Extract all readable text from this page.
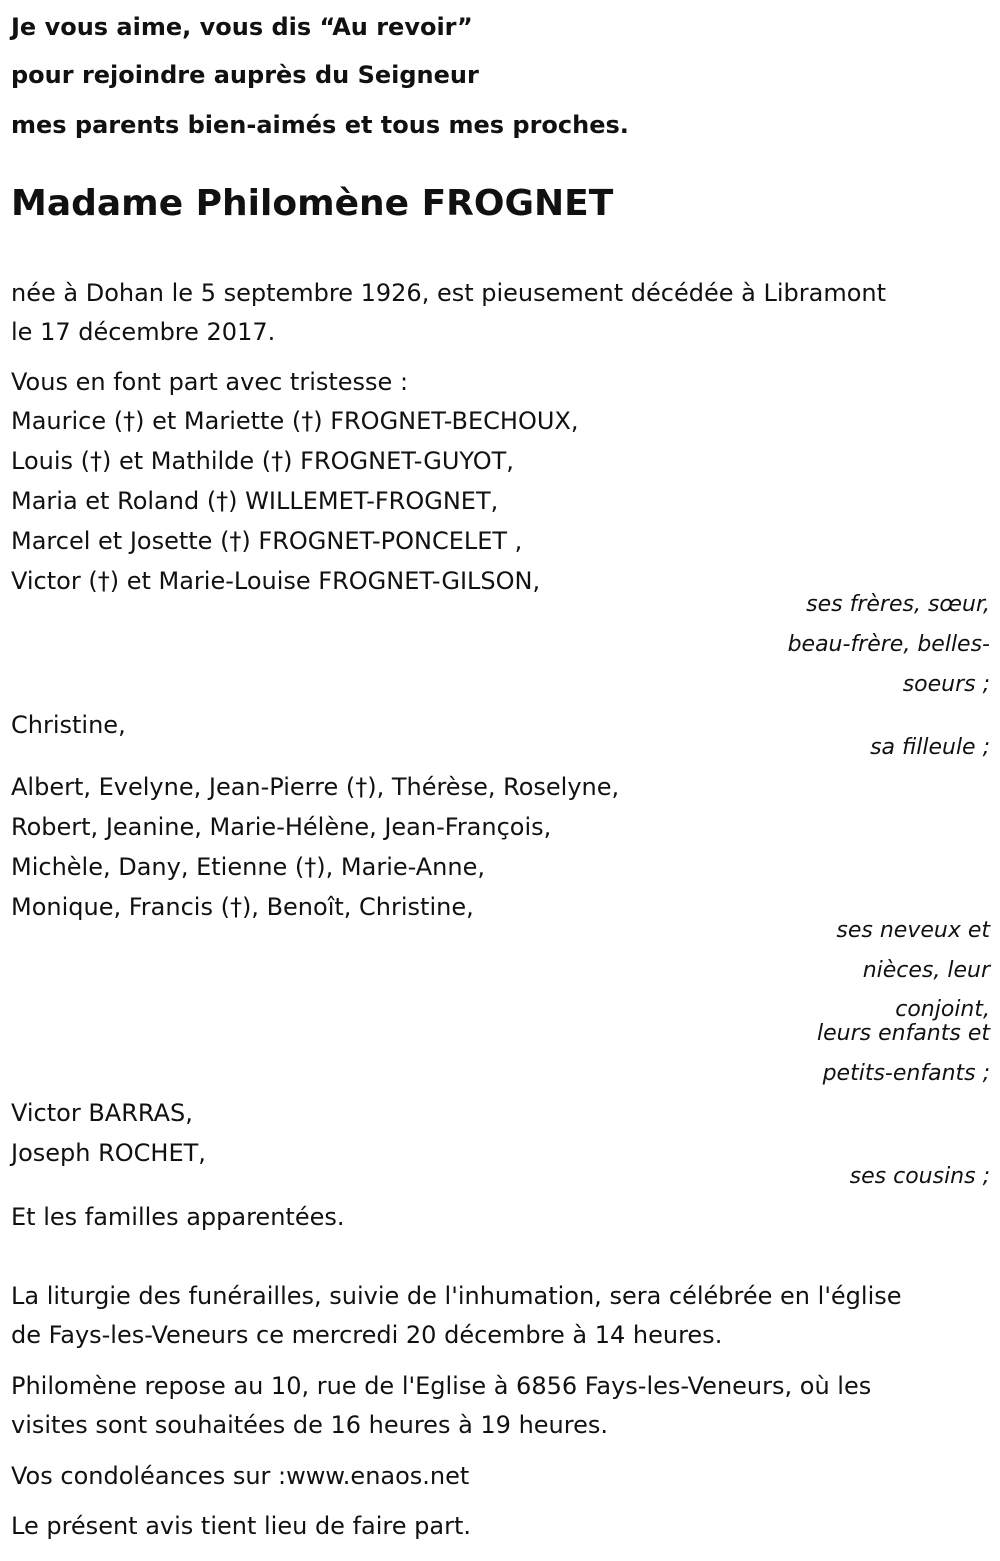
Je vous aime, vous dis “Au revoir”

pour rejoindre auprès du Seigneur

mes parents bien-aimés et tous mes proches.

Madame Philomène FROGNET

née à Dohan le 5 septembre 1926, est pieusement décédée à Libramont

le 17 décembre 2017.

Vous en font part avec tristesse :

Maurice (†) et Mariette (†) FROGNET-BECHOUX,

Louis (†) et Mathilde (†) FROGNET-GUYOT,

Maria et Roland (†) WILLEMET-FROGNET,

Marcel et Josette (†) FROGNET-PONCELET ,

Victor (†) et Marie-Louise FROGNET-GILSON,

ses frères, sœur,
beau-frère, belles-
soeurs ;

Christine,

sa filleule ;

Albert, Evelyne, Jean-Pierre (†), Thérèse, Roselyne,

Robert, Jeanine, Marie-Hélène, Jean-François,

Michèle, Dany, Etienne (†), Marie-Anne,

Monique, Francis (†), Benoît, Christine,

ses neveux et
nièces, leur
conjoint,
leurs enfants et
petits-enfants ;

Victor BARRAS,

Joseph ROCHET,

ses cousins ;

Et les familles apparentées.

La liturgie des funérailles, suivie de l'inhumation, sera célébrée en l'église

de Fays-les-Veneurs ce mercredi 20 décembre à 14 heures.

Philomène repose au 10, rue de l'Eglise à 6856 Fays-les-Veneurs, où les

visites sont souhaitées de 16 heures à 19 heures.

Vos condoléances sur :www.enaos.net

Le présent avis tient lieu de faire part.
